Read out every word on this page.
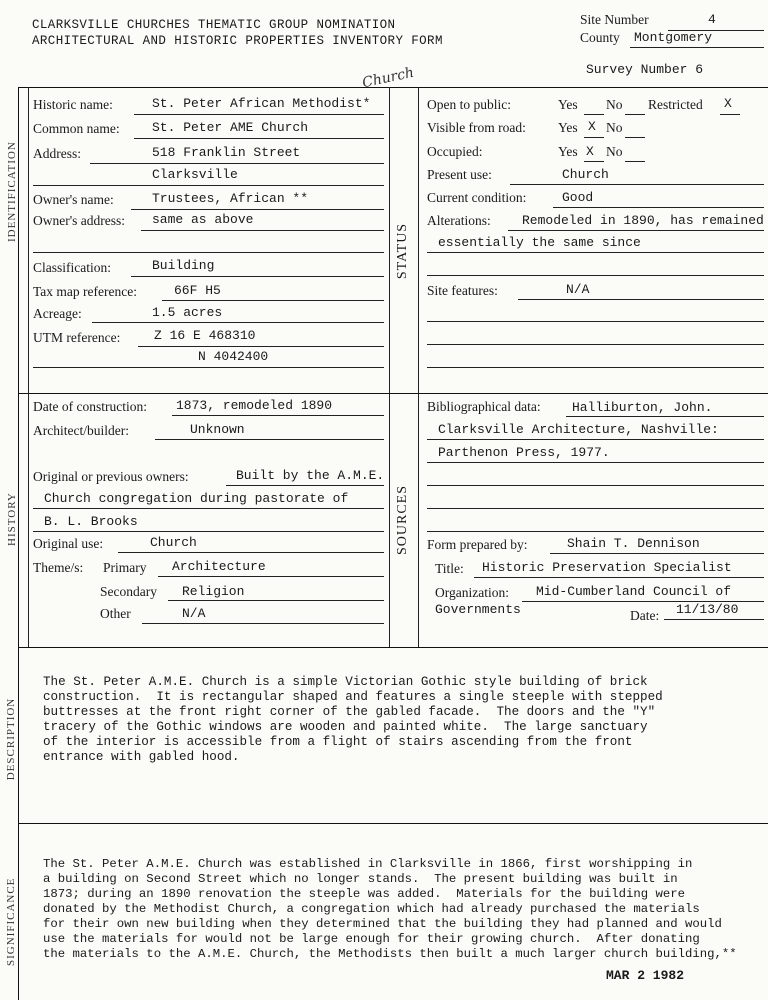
CLARKSVILLE CHURCHES THEMATIC GROUP NOMINATION
ARCHITECTURAL AND HISTORIC PROPERTIES INVENTORY FORM
Site Number	4
County Montgomery
Survey Number 6
Church
IDENTIFICATION
HISTORY
DESCRIPTION
SIGNIFICANCE
STATUS
SOURCES
Historic name:	St. Peter African Methodist*
Common name: St. Peter AME Church
Address:	518 Franklin Street
Clarksville
Owner's name:	Trustees, African **
Owner's address: same as above
Classification:	Building
Tax map reference:	66F H5
Acreage:	1.5 acres
UTM reference:	Z 16 E 468310
N 4042400
Open to public:	Yes No Restricted X
Visible from road: Yes X No
Occupied:	Yes X No
Present use:	Church
Current condition:	Good
Alterations: Remodeled in 1890, has remained
essentially the same since
Site features:	N/A
Date of construction: 1873, remodeled 1890
Architect/builder:	Unknown
Original or previous owners:	Built by the A.M.E.
Church congregation during pastorate of
B. L. Brooks
Original use:	Church
Theme/s: Primary Architecture
Secondary Religion
Other	N/A
Bibliographical data: Halliburton, John.
Clarksville Architecture, Nashville:
Parthenon Press, 1977.
Form prepared by:	Shain T. Dennison
Title: Historic Preservation Specialist
Organization: Mid-Cumberland Council of
Governments	Date: 11/13/80

The St. Peter A.M.E. Church is a simple Victorian Gothic style building of brick
construction.  It is rectangular shaped and features a single steeple with stepped
buttresses at the front right corner of the gabled facade.  The doors and the "Y"
tracery of the Gothic windows are wooden and painted white.  The large sanctuary
of the interior is accessible from a flight of stairs ascending from the front
entrance with gabled hood.

The St. Peter A.M.E. Church was established in Clarksville in 1866, first worshipping in
a building on Second Street which no longer stands.  The present building was built in
1873; during an 1890 renovation the steeple was added.  Materials for the building were
donated by the Methodist Church, a congregation which had already purchased the materials
for their own new building when they determined that the building they had planned and would
use the materials for would not be large enough for their growing church.  After donating
the materials to the A.M.E. Church, the Methodists then built a much larger church building,**

MAR 2 1982
